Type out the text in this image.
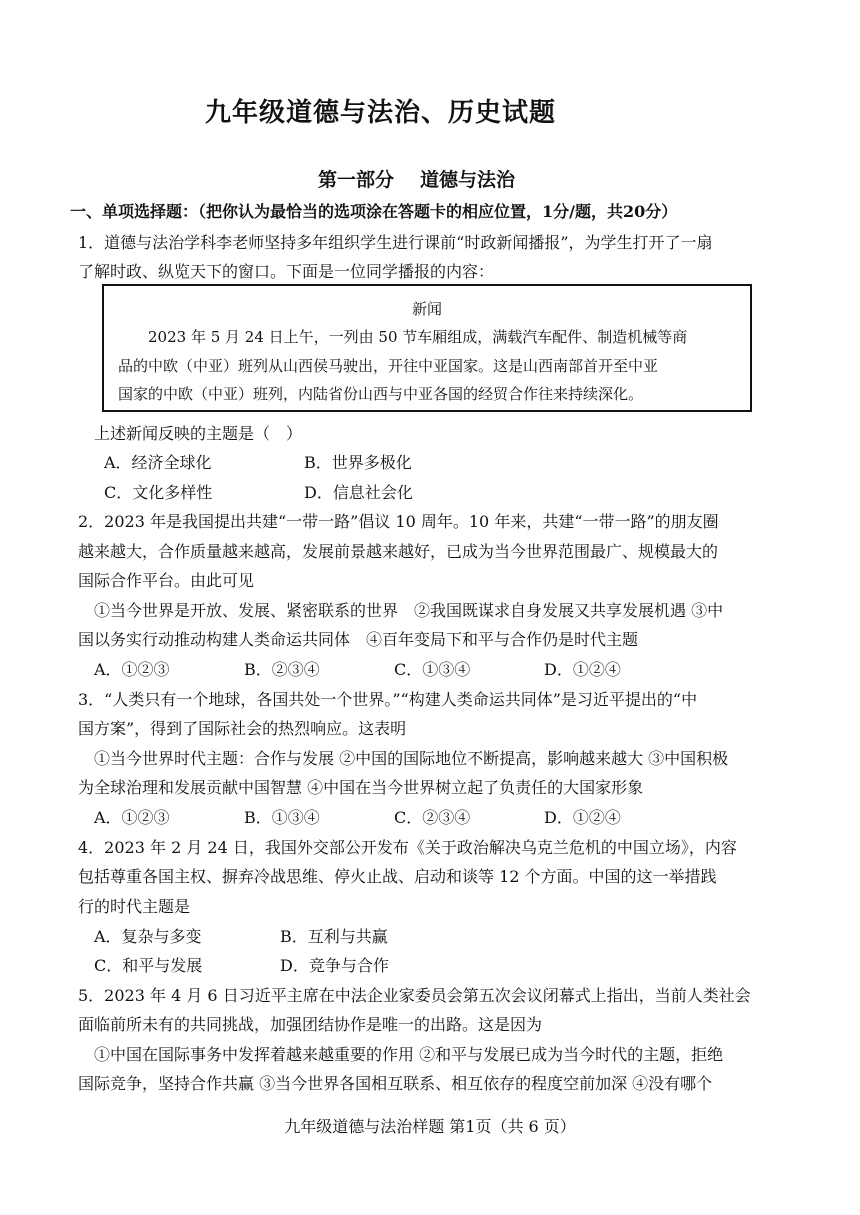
九年级道德与法治、历史试题
第一部分 道德与法治
一、单项选择题：（把你认为最恰当的选项涂在答题卡的相应位置，1分/题，共20分）
1．道德与法治学科李老师坚持多年组织学生进行课前“时政新闻播报”，为学生打开了一扇
了解时政、纵览天下的窗口。下面是一位同学播报的内容：
新闻
2023 年 5 月 24 日上午，一列由 50 节车厢组成，满载汽车配件、制造机械等商
品的中欧（中亚）班列从山西侯马驶出，开往中亚国家。这是山西南部首开至中亚
国家的中欧（中亚）班列，内陆省份山西与中亚各国的经贸合作往来持续深化。
上述新闻反映的主题是（　）
A．经济全球化	B．世界多极化
C．文化多样性	D．信息社会化
2．2023 年是我国提出共建“一带一路”倡议 10 周年。10 年来，共建“一带一路”的朋友圈
越来越大，合作质量越来越高，发展前景越来越好，已成为当今世界范围最广、规模最大的
国际合作平台。由此可见
①当今世界是开放、发展、紧密联系的世界　②我国既谋求自身发展又共享发展机遇 ③中
国以务实行动推动构建人类命运共同体　④百年变局下和平与合作仍是时代主题
A．①②③	B．②③④	C．①③④	D．①②④
3．“人类只有一个地球，各国共处一个世界。”“构建人类命运共同体”是习近平提出的“中
国方案”，得到了国际社会的热烈响应。这表明
①当今世界时代主题：合作与发展 ②中国的国际地位不断提高，影响越来越大 ③中国积极
为全球治理和发展贡献中国智慧 ④中国在当今世界树立起了负责任的大国家形象
A．①②③	B．①③④	C．②③④	D．①②④
4．2023 年 2 月 24 日，我国外交部公开发布《关于政治解决乌克兰危机的中国立场》，内容
包括尊重各国主权、摒弃冷战思维、停火止战、启动和谈等 12 个方面。中国的这一举措践
行的时代主题是
A．复杂与多变	B．互利与共赢
C．和平与发展	D．竞争与合作
5．2023 年 4 月 6 日习近平主席在中法企业家委员会第五次会议闭幕式上指出，当前人类社会
面临前所未有的共同挑战，加强团结协作是唯一的出路。这是因为
①中国在国际事务中发挥着越来越重要的作用 ②和平与发展已成为当今时代的主题，拒绝
国际竞争，坚持合作共赢 ③当今世界各国相互联系、相互依存的程度空前加深 ④没有哪个
九年级道德与法治样题 第1页（共 6 页）
